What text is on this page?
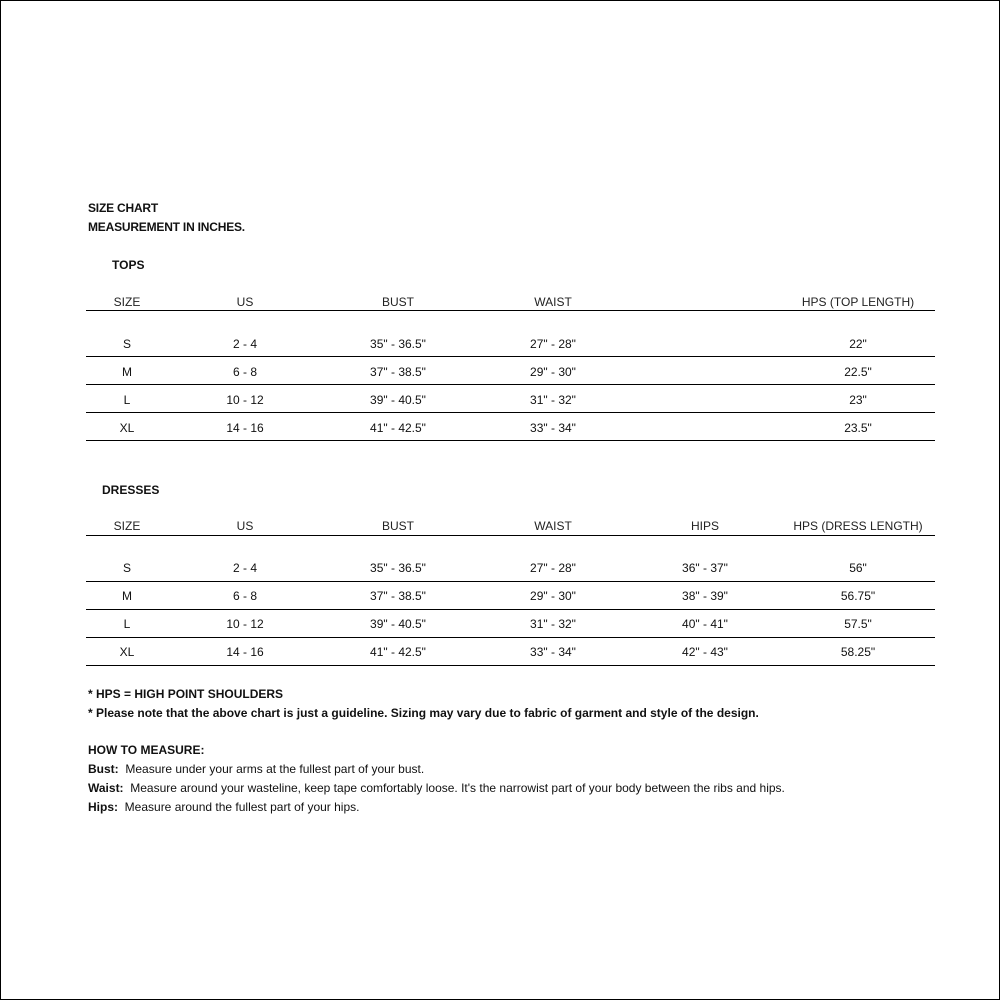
SIZE CHART
MEASUREMENT IN INCHES.
TOPS
SIZE	US	BUST	WAIST	HPS (TOP LENGTH)
S	2 - 4	35" - 36.5"	27" - 28"	22"
M	6 - 8	37" - 38.5"	29" - 30"	22.5"
L	10 - 12	39" - 40.5"	31" - 32"	23"
XL	14 - 16	41" - 42.5"	33" - 34"	23.5"
DRESSES
SIZE	US	BUST	WAIST	HIPS	HPS (DRESS LENGTH)
S	2 - 4	35" - 36.5"	27" - 28"	36" - 37"	56"
M	6 - 8	37" - 38.5"	29" - 30"	38" - 39"	56.75"
L	10 - 12	39" - 40.5"	31" - 32"	40" - 41"	57.5"
XL	14 - 16	41" - 42.5"	33" - 34"	42" - 43"	58.25"
* HPS = HIGH POINT SHOULDERS
* Please note that the above chart is just a guideline. Sizing may vary due to fabric of garment and style of the design.
HOW TO MEASURE:
Bust: Measure under your arms at the fullest part of your bust.
Waist: Measure around your wasteline, keep tape comfortably loose. It's the narrowist part of your body between the ribs and hips.
Hips: Measure around the fullest part of your hips.
